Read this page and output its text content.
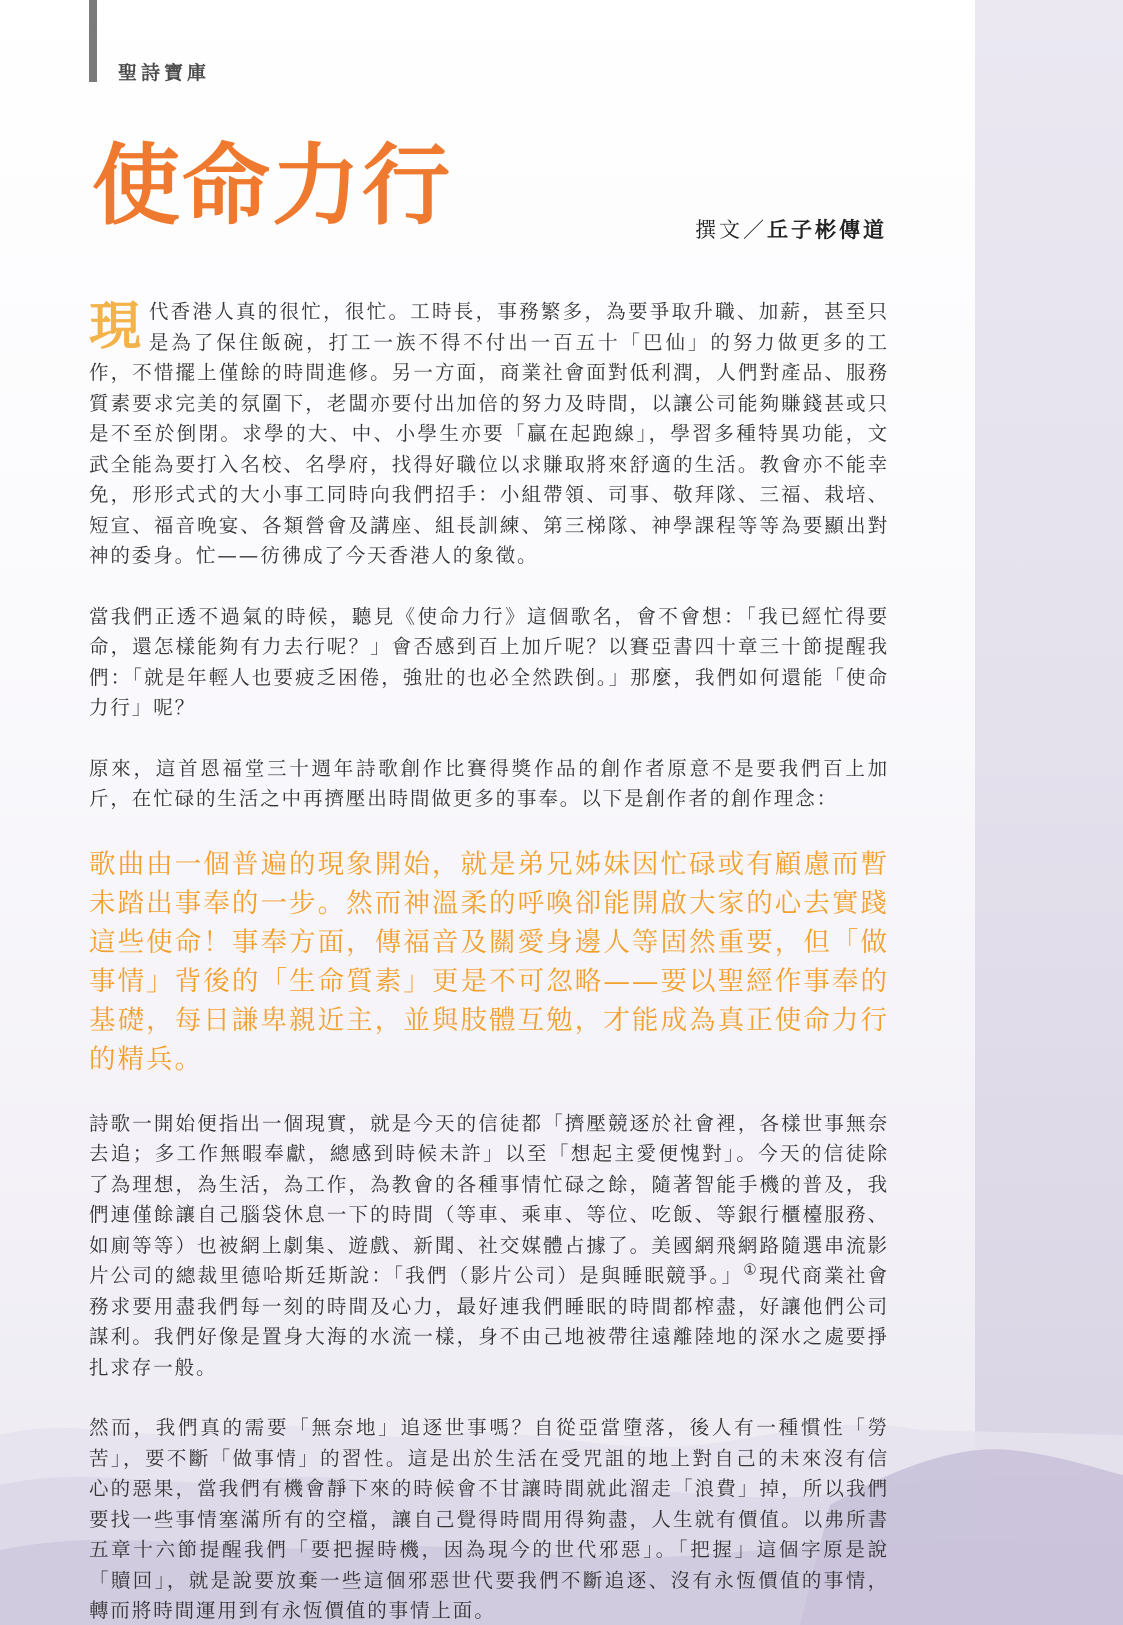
聖詩寶庫
使命力行	撰文／丘子彬傳道

現代香港人真的很忙，很忙。工時長，事務繁多，為要爭取升職、加薪，甚至只是為了保住飯碗，打工一族不得不付出一百五十「巴仙」的努力做更多的工作，不惜擺上僅餘的時間進修。另一方面，商業社會面對低利潤，人們對產品、服務質素要求完美的氛圍下，老闆亦要付出加倍的努力及時間，以讓公司能夠賺錢甚或只是不至於倒閉。求學的大、中、小學生亦要「贏在起跑線」，學習多種特異功能，文武全能為要打入名校、名學府，找得好職位以求賺取將來舒適的生活。教會亦不能幸免，形形式式的大小事工同時向我們招手：小組帶領、司事、敬拜隊、三福、栽培、短宣、福音晚宴、各類營會及講座、組長訓練、第三梯隊、神學課程等等為要顯出對神的委身。忙——彷彿成了今天香港人的象徵。

當我們正透不過氣的時候，聽見《使命力行》這個歌名，會不會想：「我已經忙得要命，還怎樣能夠有力去行呢？」會否感到百上加斤呢？以賽亞書四十章三十節提醒我們：「就是年輕人也要疲乏困倦，強壯的也必全然跌倒。」那麼，我們如何還能「使命力行」呢？

原來，這首恩福堂三十週年詩歌創作比賽得獎作品的創作者原意不是要我們百上加斤，在忙碌的生活之中再擠壓出時間做更多的事奉。以下是創作者的創作理念：

歌曲由一個普遍的現象開始，就是弟兄姊妹因忙碌或有顧慮而暫未踏出事奉的一步。然而神溫柔的呼喚卻能開啟大家的心去實踐這些使命！事奉方面，傳福音及關愛身邊人等固然重要，但「做事情」背後的「生命質素」更是不可忽略——要以聖經作事奉的基礎，每日謙卑親近主，並與肢體互勉，才能成為真正使命力行的精兵。

詩歌一開始便指出一個現實，就是今天的信徒都「擠壓競逐於社會裡，各樣世事無奈去追；多工作無暇奉獻，總感到時候未許」以至「想起主愛便愧對」。今天的信徒除了為理想，為生活，為工作，為教會的各種事情忙碌之餘，隨著智能手機的普及，我們連僅餘讓自己腦袋休息一下的時間（等車、乘車、等位、吃飯、等銀行櫃檯服務、如廁等等）也被網上劇集、遊戲、新聞、社交媒體占據了。美國網飛網路隨選串流影片公司的總裁里德哈斯廷斯說：「我們（影片公司）是與睡眠競爭。」①現代商業社會務求要用盡我們每一刻的時間及心力，最好連我們睡眠的時間都榨盡，好讓他們公司謀利。我們好像是置身大海的水流一樣，身不由己地被帶往遠離陸地的深水之處要掙扎求存一般。

然而，我們真的需要「無奈地」追逐世事嗎？自從亞當墮落，後人有一種慣性「勞苦」，要不斷「做事情」的習性。這是出於生活在受咒詛的地上對自己的未來沒有信心的惡果，當我們有機會靜下來的時候會不甘讓時間就此溜走「浪費」掉，所以我們要找一些事情塞滿所有的空檔，讓自己覺得時間用得夠盡，人生就有價值。以弗所書五章十六節提醒我們「要把握時機，因為現今的世代邪惡」。「把握」這個字原是說「贖回」，就是說要放棄一些這個邪惡世代要我們不斷追逐、沒有永恆價值的事情，轉而將時間運用到有永恆價值的事情上面。
